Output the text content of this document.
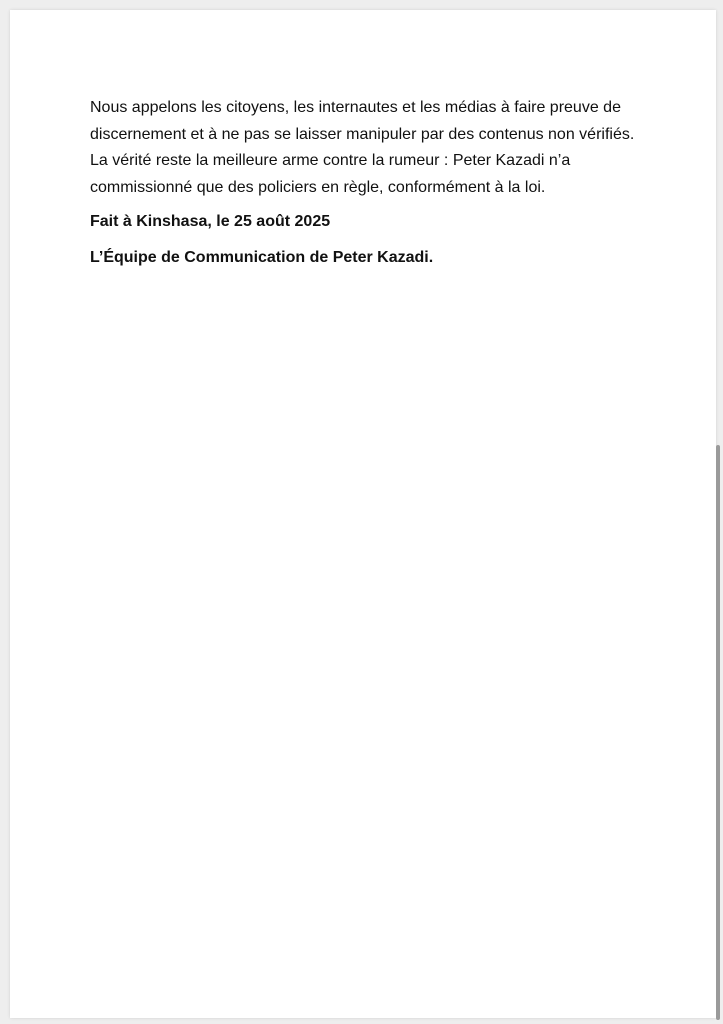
Nous appelons les citoyens, les internautes et les médias à faire preuve de discernement et à ne pas se laisser manipuler par des contenus non vérifiés. La vérité reste la meilleure arme contre la rumeur : Peter Kazadi n’a commissionné que des policiers en règle, conformément à la loi.

Fait à Kinshasa, le 25 août 2025

L’Équipe de Communication de Peter Kazadi.
